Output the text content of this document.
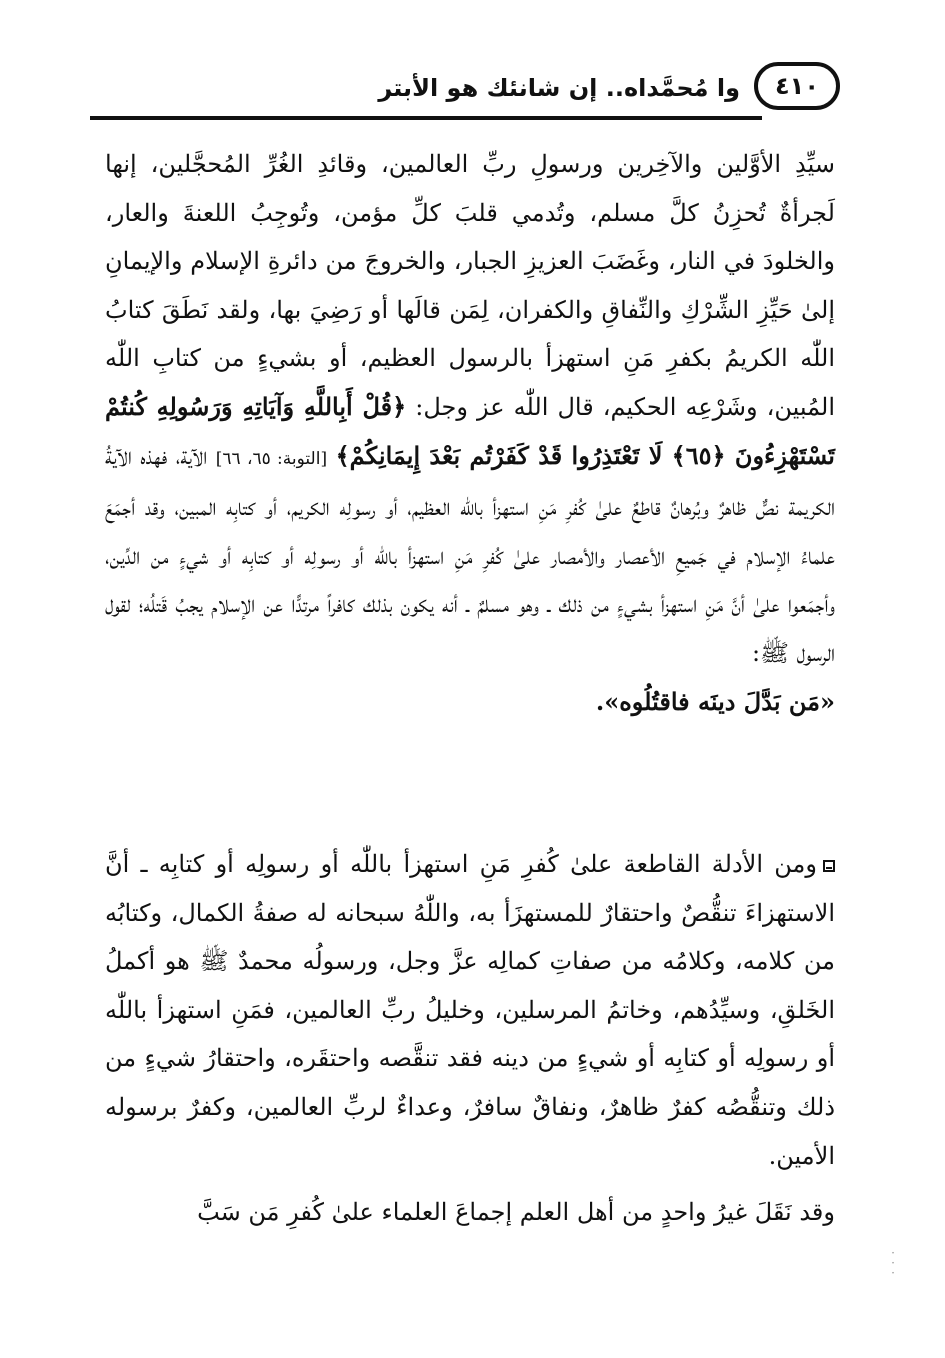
وا مُحمَّداه.. إن شانئك هو الأبتر	٤١٠

سيِّدِ الأوَّلين والآخِرين ورسولِ ربِّ العالمين، وقائدِ الغُرِّ المُحجَّلين، إنها لَجرأةٌ تُحزِنُ كلَّ مسلم، وتُدمي قلبَ كلِّ مؤمن، وتُوجِبُ اللعنةَ والعار، والخلودَ في النار، وغَضَبَ العزيزِ الجبار، والخروجَ من دائرةِ الإسلام والإيمانِ إلىٰ حَيِّزِ الشِّرْكِ والنِّفاقِ والكفران، لِمَن قالَها أو رَضِيَ بها، ولقد نَطَقَ كتابُ اللّٰه الكريمُ بكفرِ مَنِ استهزأ بالرسول العظيم، أو بشيءٍ من كتابِ اللّٰه المُبين، وشَرْعِه الحكيم، قال اللّٰه عز وجل: ﴿قُلْ أَبِاللَّهِ وَآيَاتِهِ وَرَسُولِهِ كُنتُمْ تَسْتَهْزِءُونَ ﴿٦٥﴾ لَا تَعْتَذِرُوا قَدْ كَفَرْتُم بَعْدَ إِيمَانِكُمْ﴾ [التوبة: ٦٥، ٦٦] الآية، فهذه الآيةُ الكريمة نصٌّ ظاهرٌ وبُرهانٌ قاطعٌ علىٰ كُفرِ مَنِ استهزأ باللّٰه العظيم، أو رسولِه الكريم، أو كتابِه المبين، وقد أجمَعَ علماءُ الإسلام في جَميعِ الأعصار والأمصار علىٰ كُفرِ مَنِ استهزأ باللّٰه أو رسولِه أو كتابِه أو شيءٍ من الدِّين، وأجمَعوا علىٰ أنَّ مَنِ استهزأ بشيءٍ من ذلك ـ وهو مسلمٌ ـ أنه يكون بذلك كافراً مرتدًّا عن الإسلام يجبُ قَتلُه؛ لقول الرسول ﷺ:
«مَن بَدَّلَ دينَه فاقتُلُوه».

ومن الأدلة القاطعة علىٰ كُفرِ مَنِ استهزأ باللّٰه أو رسولِه أو كتابِه ـ أنَّ الاستهزاءَ تنقُّصٌ واحتقارٌ للمستهزَأ به، واللّٰهُ سبحانه له صفةُ الكمال، وكتابُه من كلامه، وكلامُه من صفاتِ كمالِه عزَّ وجل، ورسولُه محمدٌ ﷺ هو أكملُ الخَلقِ، وسيِّدُهم، وخاتمُ المرسلين، وخليلُ ربِّ العالمين، فمَنِ استهزأ باللّٰه أو رسولِه أو كتابِه أو شيءٍ من دينه فقد تنقَّصه واحتقَره، واحتقارُ شيءٍ من ذلك وتنقُّصُه كفرٌ ظاهرٌ، ونفاقٌ سافرٌ، وعداءٌ لربِّ العالمين، وكفرٌ برسوله الأمين.

وقد نَقَلَ غيرُ واحدٍ من أهل العلم إجماعَ العلماء علىٰ كُفرِ مَن سَبَّ

·
·
·
